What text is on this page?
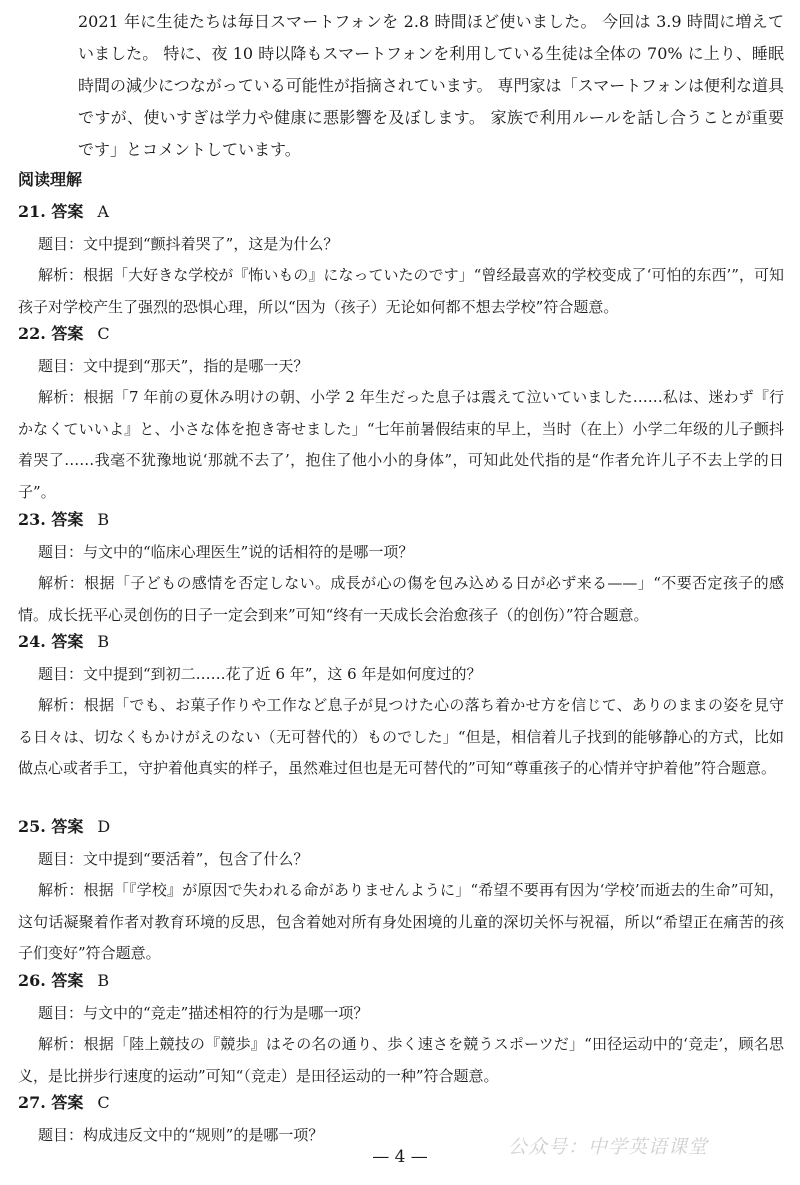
2021 年に生徒たちは毎日スマートフォンを 2.8 時間ほど使いました。 今回は 3.9 時間に増えていました。 特に、夜 10 時以降もスマートフォンを利用している生徒は全体の 70% に上り、睡眠時間の減少につながっている可能性が指摘されています。 専門家は「スマートフォンは便利な道具ですが、使いすぎは学力や健康に悪影響を及ぼします。 家族で利用ルールを話し合うことが重要です」とコメントしています。
阅读理解
21. 答案 A
题目：文中提到“颤抖着哭了”，这是为什么？
解析：根据「大好きな学校が『怖いもの』になっていたのです」“曾经最喜欢的学校变成了‘可怕的东西’”，可知孩子对学校产生了强烈的恐惧心理，所以“因为（孩子）无论如何都不想去学校”符合题意。
22. 答案 C
题目：文中提到“那天”，指的是哪一天？
解析：根据「7 年前の夏休み明けの朝、小学 2 年生だった息子は震えて泣いていました……私は、迷わず『行かなくていいよ』と、小さな体を抱き寄せました」“七年前暑假结束的早上，当时（在上）小学二年级的儿子颤抖着哭了……我毫不犹豫地说‘那就不去了’，抱住了他小小的身体”，可知此处代指的是“作者允许儿子不去上学的日子”。
23. 答案 B
题目：与文中的“临床心理医生”说的话相符的是哪一项？
解析：根据「子どもの感情を否定しない。成長が心の傷を包み込める日が必ず来る——」“不要否定孩子的感情。成长抚平心灵创伤的日子一定会到来”可知“终有一天成长会治愈孩子（的创伤）”符合题意。
24. 答案 B
题目：文中提到“到初二……花了近 6 年”，这 6 年是如何度过的？
解析：根据「でも、お菓子作りや工作など息子が見つけた心の落ち着かせ方を信じて、ありのままの姿を見守る日々は、切なくもかけがえのない（无可替代的）ものでした」“但是，相信着儿子找到的能够静心的方式，比如做点心或者手工，守护着他真实的样子，虽然难过但也是无可替代的”可知“尊重孩子的心情并守护着他”符合题意。
25. 答案 D
题目：文中提到“要活着”，包含了什么？
解析：根据「『学校』が原因で失われる命がありませんように」“希望不要再有因为‘学校’而逝去的生命”可知，这句话凝聚着作者对教育环境的反思，包含着她对所有身处困境的儿童的深切关怀与祝福，所以“希望正在痛苦的孩子们变好”符合题意。
26. 答案 B
题目：与文中的“竞走”描述相符的行为是哪一项？
解析：根据「陸上競技の『競歩』はその名の通り、歩く速さを競うスポーツだ」“田径运动中的‘竞走’，顾名思义，是比拼步行速度的运动”可知“（竞走）是田径运动的一种”符合题意。
27. 答案 C
题目：构成违反文中的“规则”的是哪一项？
公众号：中学英语课堂
— 4 —
